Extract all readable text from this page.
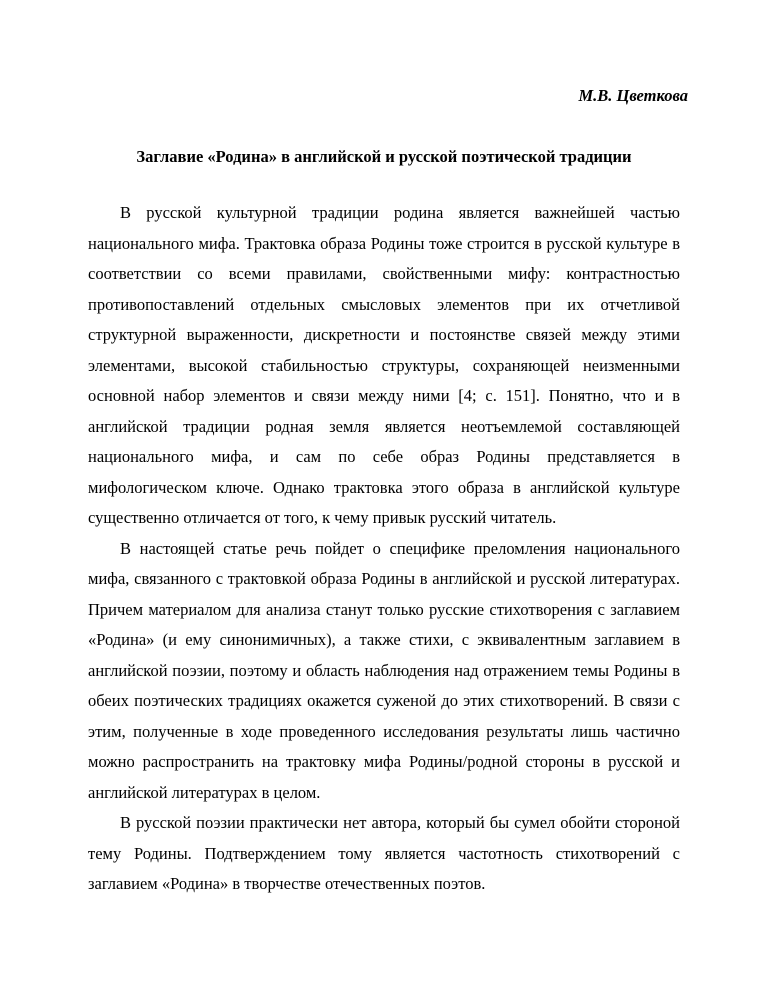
М.В. Цветкова
Заглавие «Родина» в английской и русской поэтической традиции

В русской культурной традиции родина является важнейшей частью национального мифа. Трактовка образа Родины тоже строится в русской культуре в соответствии со всеми правилами, свойственными мифу: контрастностью противопоставлений отдельных смысловых элементов при их отчетливой структурной выраженности, дискретности и постоянстве связей между этими элементами, высокой стабильностью структуры, сохраняющей неизменными основной набор элементов и связи между ними [4; с. 151]. Понятно, что и в английской традиции родная земля является неотъемлемой составляющей национального мифа, и сам по себе образ Родины представляется в мифологическом ключе. Однако трактовка этого образа в английской культуре существенно отличается от того, к чему привык русский читатель.

В настоящей статье речь пойдет о специфике преломления национального мифа, связанного с трактовкой образа Родины в английской и русской литературах. Причем материалом для анализа станут только русские стихотворения с заглавием «Родина» (и ему синонимичных), а также стихи, с эквивалентным заглавием в английской поэзии, поэтому и область наблюдения над отражением темы Родины в обеих поэтических традициях окажется суженой до этих стихотворений. В связи с этим, полученные в ходе проведенного исследования результаты лишь частично можно распространить на трактовку мифа Родины/родной стороны в русской и английской литературах в целом.

В русской поэзии практически нет автора, который бы сумел обойти стороной тему Родины. Подтверждением тому является частотность стихотворений с заглавием «Родина» в творчестве отечественных поэтов.
